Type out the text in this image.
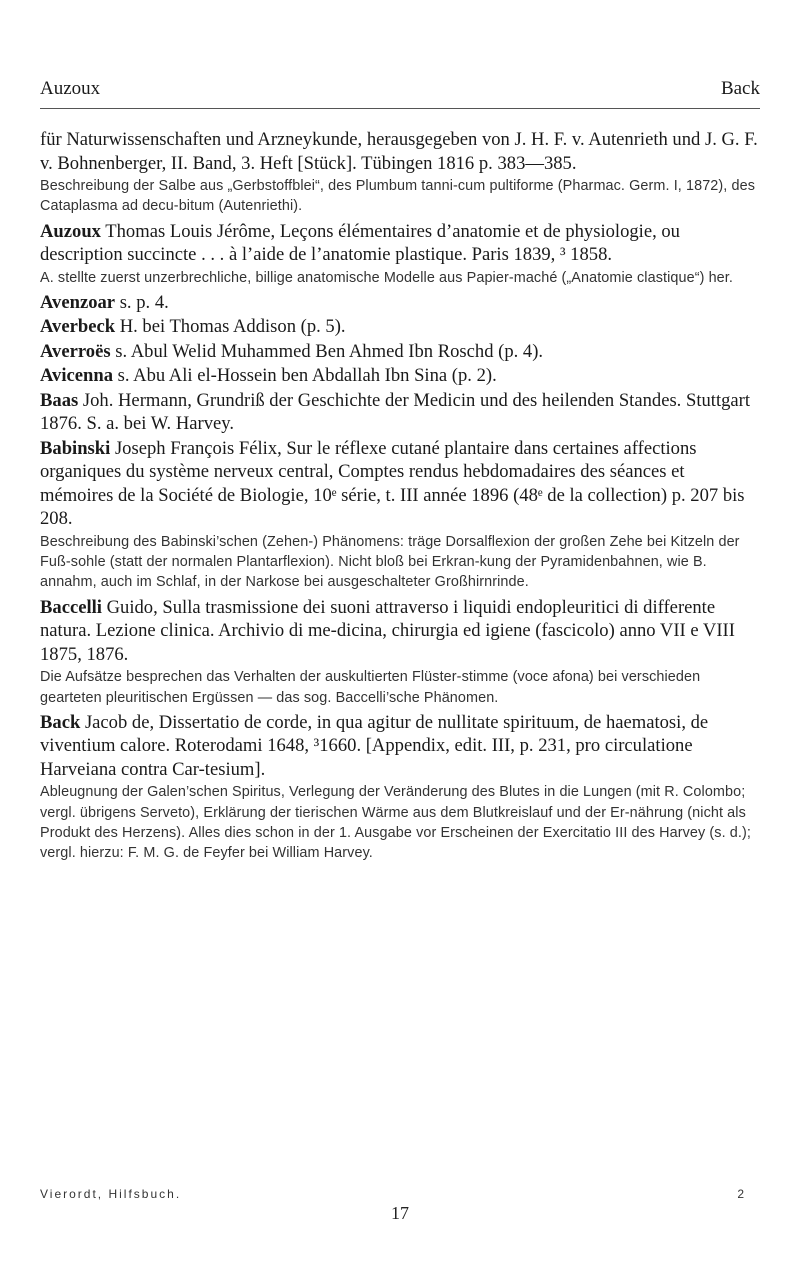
Auzoux	Back

für Naturwissenschaften und Arzneykunde, herausgegeben von J. H. F. v. Autenrieth und J. G. F. v. Bohnenberger, II. Band, 3. Heft [Stück]. Tübingen 1816 p. 383—385.

Beschreibung der Salbe aus „Gerbstoffblei“, des Plumbum tanni-cum pultiforme (Pharmac. Germ. I, 1872), des Cataplasma ad decu-bitum (Autenriethi).

Auzoux Thomas Louis Jérôme, Leçons élémentaires d’anatomie et de physiologie, ou description succincte . . . à l’aide de l’anatomie plastique. Paris 1839, ³ 1858.

A. stellte zuerst unzerbrechliche, billige anatomische Modelle aus Papier-maché („Anatomie clastique“) her.

Avenzoar s. p. 4.

Averbeck H. bei Thomas Addison (p. 5).

Averroës s. Abul Welid Muhammed Ben Ahmed Ibn Roschd (p. 4).

Avicenna s. Abu Ali el-Hossein ben Abdallah Ibn Sina (p. 2).

Baas Joh. Hermann, Grundriß der Geschichte der Medicin und des heilenden Standes. Stuttgart 1876. S. a. bei W. Harvey.

Babinski Joseph François Félix, Sur le réflexe cutané plantaire dans certaines affections organiques du système nerveux central, Comptes rendus hebdomadaires des séances et mémoires de la Société de Biologie, 10ᵉ série, t. III année 1896 (48ᵉ de la collection) p. 207 bis 208.

Beschreibung des Babinski’schen (Zehen-) Phänomens: träge Dorsalflexion der großen Zehe bei Kitzeln der Fuß-sohle (statt der normalen Plantarflexion). Nicht bloß bei Erkran-kung der Pyramidenbahnen, wie B. annahm, auch im Schlaf, in der Narkose bei ausgeschalteter Großhirnrinde.

Baccelli Guido, Sulla trasmissione dei suoni attraverso i liquidi endopleuritici di differente natura. Lezione clinica. Archivio di me-dicina, chirurgia ed igiene (fascicolo) anno VII e VIII 1875, 1876.

Die Aufsätze besprechen das Verhalten der auskultierten Flüster-stimme (voce afona) bei verschieden gearteten pleuritischen Ergüssen — das sog. Baccelli’sche Phänomen.

Back Jacob de, Dissertatio de corde, in qua agitur de nullitate spirituum, de haematosi, de viventium calore. Roterodami 1648, ³1660. [Appendix, edit. III, p. 231, pro circulatione Harveiana contra Car-tesium].

Ableugnung der Galen’schen Spiritus, Verlegung der Veränderung des Blutes in die Lungen (mit R. Colombo; vergl. übrigens Serveto), Erklärung der tierischen Wärme aus dem Blutkreislauf und der Er-nährung (nicht als Produkt des Herzens). Alles dies schon in der 1. Ausgabe vor Erscheinen der Exercitatio III des Harvey (s. d.); vergl. hierzu: F. M. G. de Feyfer bei William Harvey.

Vierordt, Hilfsbuch.	2
17
